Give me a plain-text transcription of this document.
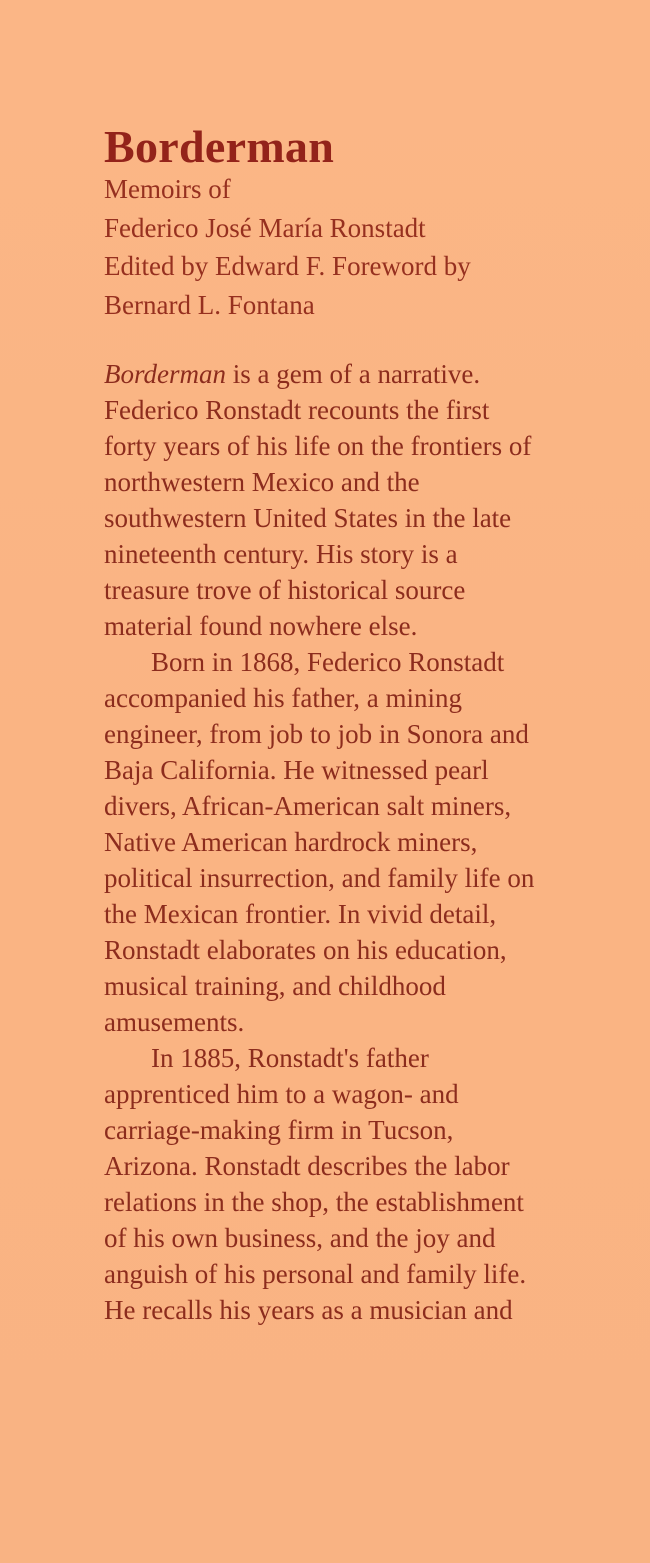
Borderman
Memoirs of
Federico José María Ronstadt
Edited by Edward F. Foreword by
Bernard L. Fontana
Borderman is a gem of a narrative.
Federico Ronstadt recounts the first
forty years of his life on the frontiers of
northwestern Mexico and the
southwestern United States in the late
nineteenth century. His story is a
treasure trove of historical source
material found nowhere else.
Born in 1868, Federico Ronstadt
accompanied his father, a mining
engineer, from job to job in Sonora and
Baja California. He witnessed pearl
divers, African-American salt miners,
Native American hardrock miners,
political insurrection, and family life on
the Mexican frontier. In vivid detail,
Ronstadt elaborates on his education,
musical training, and childhood
amusements.
In 1885, Ronstadt's father
apprenticed him to a wagon- and
carriage-making firm in Tucson,
Arizona. Ronstadt describes the labor
relations in the shop, the establishment
of his own business, and the joy and
anguish of his personal and family life.
He recalls his years as a musician and
